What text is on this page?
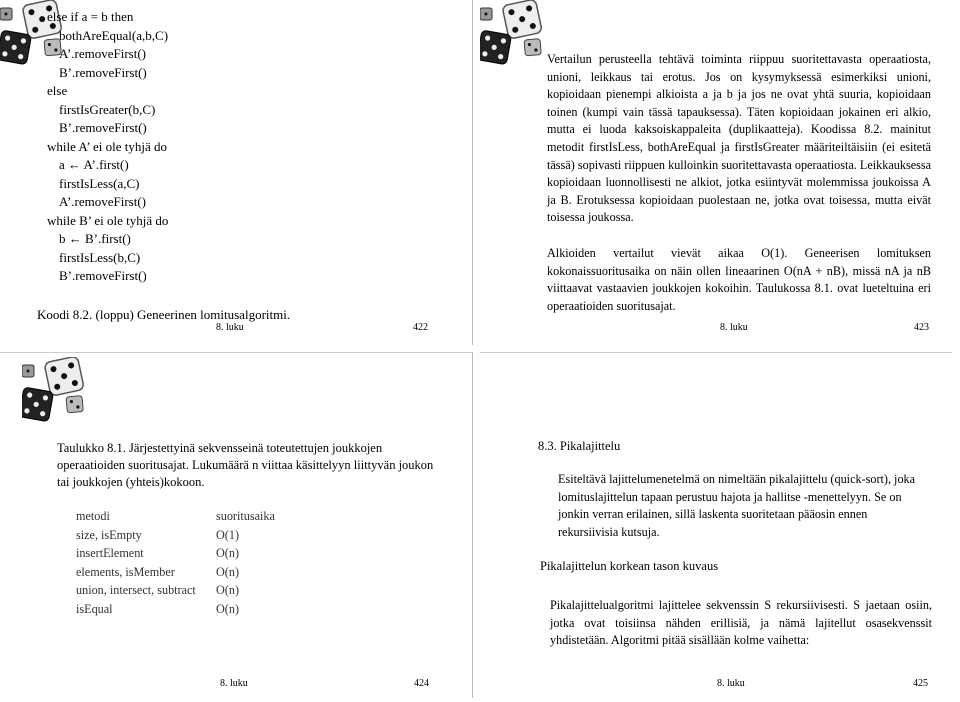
else if a = b then
bothAreEqual(a,b,C)
A’.removeFirst()
B’.removeFirst()
else
firstIsGreater(b,C)
B’.removeFirst()
while A’ ei ole tyhjä do
a ← A’.first()
firstIsLess(a,C)
A’.removeFirst()
while B’ ei ole tyhjä do
b ← B’.first()
firstIsLess(b,C)
B’.removeFirst()
Koodi 8.2. (loppu) Geneerinen lomitusalgoritmi.
8. luku	422
Vertailun perusteella tehtävä toiminta riippuu suoritettavasta operaatiosta, unioni, leikkaus tai erotus. Jos on kysymyksessä esimerkiksi unioni, kopioidaan pienempi alkioista a ja b ja jos ne ovat yhtä suuria, kopioidaan toinen (kumpi vain tässä tapauksessa). Täten kopioidaan jokainen eri alkio, mutta ei luoda kaksoiskappaleita (duplikaatteja). Koodissa 8.2. mainitut metodit firstIsLess, bothAreEqual ja firstIsGreater määriteiltäisiin (ei esitetä tässä) sopivasti riippuen kulloinkin suoritettavasta operaatiosta. Leikkauksessa kopioidaan luonnollisesti ne alkiot, jotka esiintyvät molemmissa joukoissa A ja B. Erotuksessa kopioidaan puolestaan ne, jotka ovat toisessa, mutta eivät toisessa joukossa.
Alkioiden vertailut vievät aikaa O(1). Geneerisen lomituksen kokonaissuoritusaika on näin ollen lineaarinen O(nA + nB), missä nA ja nB viittaavat vastaavien joukkojen kokoihin. Taulukossa 8.1. ovat lueteltuina eri operaatioiden suoritusajat.
8. luku	423
Taulukko 8.1. Järjestettyinä sekvensseinä toteutettujen joukkojen operaatioiden suoritusajat. Lukumäärä n viittaa käsittelyyn liittyvän joukon tai joukkojen (yhteis)kokoon.
metodi	suoritusaika
size, isEmpty	O(1)
insertElement	O(n)
elements, isMember	O(n)
union, intersect, subtract	O(n)
isEqual	O(n)
8. luku	424
8.3. Pikalajittelu
Esiteltävä lajittelumenetelmä on nimeltään pikalajittelu (quick-sort), joka lomituslajittelun tapaan perustuu hajota ja hallitse -menettelyyn. Se on jonkin verran erilainen, sillä laskenta suoritetaan pääosin ennen rekursiivisia kutsuja.
Pikalajittelun korkean tason kuvaus
Pikalajittelualgoritmi lajittelee sekvenssin S rekursiivisesti. S jaetaan osiin, jotka ovat toisiinsa nähden erillisiä, ja nämä lajitellut osasekvenssit yhdistetään. Algoritmi pitää sisällään kolme vaihetta:
8. luku	425
